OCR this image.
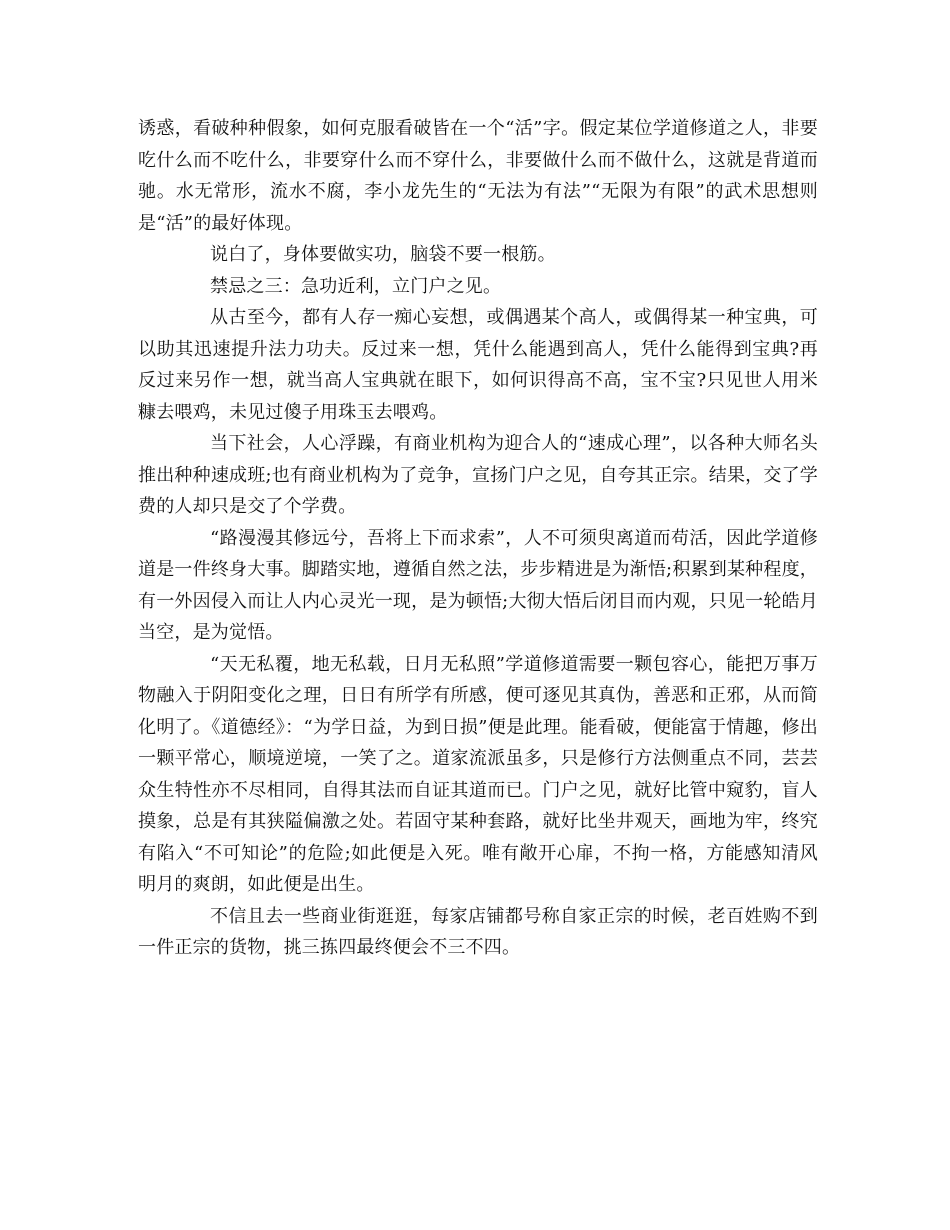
诱惑，看破种种假象，如何克服看破皆在一个“活”字。假定某位学道修道之人，非要吃什么而不吃什么，非要穿什么而不穿什么，非要做什么而不做什么，这就是背道而驰。水无常形，流水不腐，李小龙先生的“无法为有法”“无限为有限”的武术思想则是“活”的最好体现。

说白了，身体要做实功，脑袋不要一根筋。

禁忌之三：急功近利，立门户之见。

从古至今，都有人存一痴心妄想，或偶遇某个高人，或偶得某一种宝典，可以助其迅速提升法力功夫。反过来一想，凭什么能遇到高人，凭什么能得到宝典?再反过来另作一想，就当高人宝典就在眼下，如何识得高不高，宝不宝?只见世人用米糠去喂鸡，未见过傻子用珠玉去喂鸡。

当下社会，人心浮躁，有商业机构为迎合人的“速成心理”，以各种大师名头推出种种速成班;也有商业机构为了竞争，宣扬门户之见，自夸其正宗。结果，交了学费的人却只是交了个学费。

“路漫漫其修远兮，吾将上下而求索”，人不可须臾离道而苟活，因此学道修道是一件终身大事。脚踏实地，遵循自然之法，步步精进是为渐悟;积累到某种程度，有一外因侵入而让人内心灵光一现，是为顿悟;大彻大悟后闭目而内观，只见一轮皓月当空，是为觉悟。

“天无私覆，地无私载，日月无私照”学道修道需要一颗包容心，能把万事万物融入于阴阳变化之理，日日有所学有所感，便可逐见其真伪，善恶和正邪，从而简化明了。《道德经》：“为学日益，为到日损”便是此理。能看破，便能富于情趣，修出一颗平常心，顺境逆境，一笑了之。道家流派虽多，只是修行方法侧重点不同，芸芸众生特性亦不尽相同，自得其法而自证其道而已。门户之见，就好比管中窥豹，盲人摸象，总是有其狭隘偏激之处。若固守某种套路，就好比坐井观天，画地为牢，终究有陷入“不可知论”的危险;如此便是入死。唯有敞开心扉，不拘一格，方能感知清风明月的爽朗，如此便是出生。

不信且去一些商业街逛逛，每家店铺都号称自家正宗的时候，老百姓购不到一件正宗的货物，挑三拣四最终便会不三不四。
